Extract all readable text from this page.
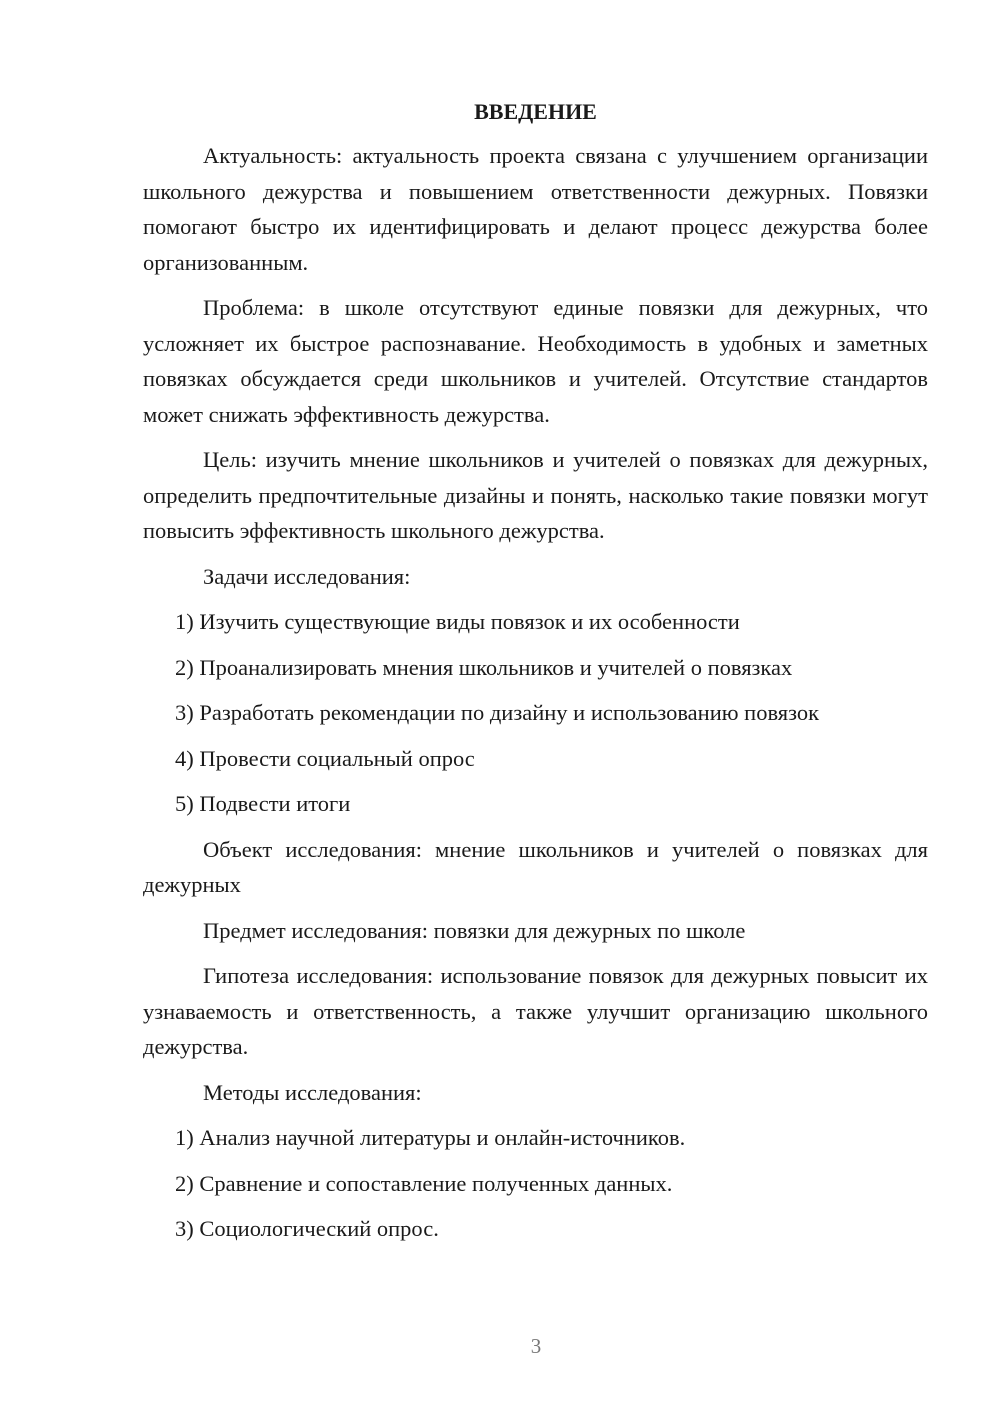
ВВЕДЕНИЕ

Актуальность: актуальность проекта связана с улучшением организации школьного дежурства и повышением ответственности дежурных. Повязки помогают быстро их идентифицировать и делают процесс дежурства более организованным.

Проблема: в школе отсутствуют единые повязки для дежурных, что усложняет их быстрое распознавание. Необходимость в удобных и заметных повязках обсуждается среди школьников и учителей. Отсутствие стандартов может снижать эффективность дежурства.

Цель: изучить мнение школьников и учителей о повязках для дежурных, определить предпочтительные дизайны и понять, насколько такие повязки могут повысить эффективность школьного дежурства.

Задачи исследования:

1) Изучить существующие виды повязок и их особенности

2) Проанализировать мнения школьников и учителей о повязках

3) Разработать рекомендации по дизайну и использованию повязок

4) Провести социальный опрос

5) Подвести итоги

Объект исследования: мнение школьников и учителей о повязках для дежурных

Предмет исследования: повязки для дежурных по школе

Гипотеза исследования: использование повязок для дежурных повысит их узнаваемость и ответственность, а также улучшит организацию школьного дежурства.

Методы исследования:

1) Анализ научной литературы и онлайн-источников.

2) Сравнение и сопоставление полученных данных.

3) Социологический опрос.

3
